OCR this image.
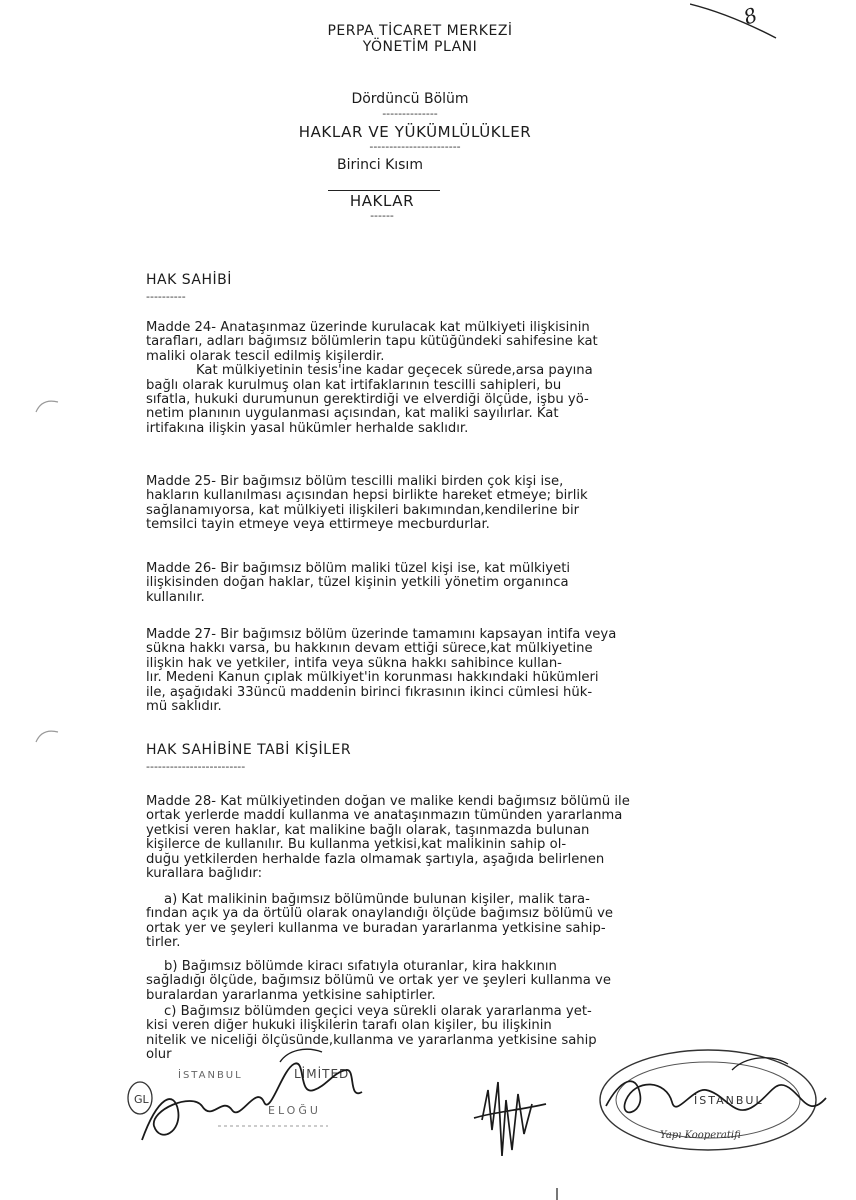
8
PERPA TİCARET MERKEZİ
YÖNETİM PLANI
Dördüncü Bölüm
--------------
HAKLAR VE YÜKÜMLÜLÜKLER
-----------------------
Birinci Kısım
HAKLAR
------
HAK SAHİBİ
----------
Madde 24- Anataşınmaz üzerinde kurulacak kat mülkiyeti ilişkisinin
tarafları, adları bağımsız bölümlerin tapu kütüğündeki sahifesine kat
maliki olarak tescil edilmiş kişilerdir.
Kat mülkiyetinin tesis'ine kadar geçecek sürede,arsa payına
bağlı olarak kurulmuş olan kat irtifaklarının tescilli sahipleri, bu
sıfatla, hukuki durumunun gerektirdiği ve elverdiği ölçüde, işbu yö-
netim planının uygulanması açısından, kat maliki sayılırlar. Kat
irtifakına ilişkin yasal hükümler herhalde saklıdır.
Madde 25- Bir bağımsız bölüm tescilli maliki birden çok kişi ise,
hakların kullanılması açısından hepsi birlikte hareket etmeye; birlik
sağlanamıyorsa, kat mülkiyeti ilişkileri bakımından,kendilerine bir
temsilci tayin etmeye veya ettirmeye mecburdurlar.
Madde 26- Bir bağımsız bölüm maliki tüzel kişi ise, kat mülkiyeti
ilişkisinden doğan haklar, tüzel kişinin yetkili yönetim organınca
kullanılır.
Madde 27- Bir bağımsız bölüm üzerinde tamamını kapsayan intifa veya
sükna hakkı varsa, bu hakkının devam ettiği sürece,kat mülkiyetine
ilişkin hak ve yetkiler, intifa veya sükna hakkı sahibince kullan-
lır. Medeni Kanun çıplak mülkiyet'in korunması hakkındaki hükümleri
ile, aşağıdaki 33üncü maddenin birinci fıkrasının ikinci cümlesi hük-
mü saklıdır.
HAK SAHİBİNE TABİ KİŞİLER
-------------------------
Madde 28- Kat mülkiyetinden doğan ve malike kendi bağımsız bölümü ile
ortak yerlerde maddi kullanma ve anataşınmazın tümünden yararlanma
yetkisi veren haklar, kat malikine bağlı olarak, taşınmazda bulunan
kişilerce de kullanılır. Bu kullanma yetkisi,kat malikinin sahip ol-
duğu yetkilerden herhalde fazla olmamak şartıyla, aşağıda belirlenen
kurallara bağlıdır:
a) Kat malikinin bağımsız bölümünde bulunan kişiler, malik tara-
fından açık ya da örtülü olarak onaylandığı ölçüde bağımsız bölümü ve
ortak yer ve şeyleri kullanma ve buradan yararlanma yetkisine sahip-
tirler.
b) Bağımsız bölümde kiracı sıfatıyla oturanlar, kira hakkının
sağladığı ölçüde, bağımsız bölümü ve ortak yer ve şeyleri kullanma ve
buralardan yararlanma yetkisine sahiptirler.
c) Bağımsız bölümden geçici veya sürekli olarak yararlanma yet-
kisi veren diğer hukuki ilişkilerin tarafı olan kişiler, bu ilişkinin
nitelik ve niceliği ölçüsünde,kullanma ve yararlanma yetkisine sahip
olur
GL
İSTANBUL	LİMİTED
ELOĞU
İSTANBUL
Yapı Kooperatifi
